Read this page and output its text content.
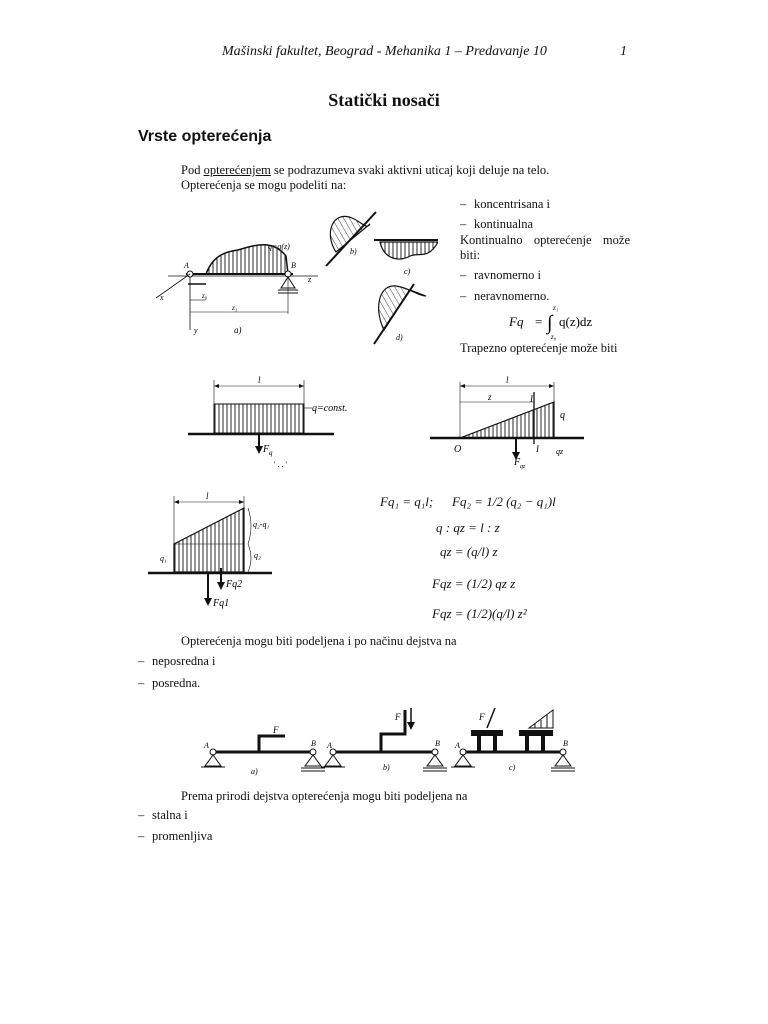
Mašinski fakultet, Beograd - Mehanika 1 – Predavanje 10	1
Statički nosači
Vrste opterećenja
Pod opterećenjem se podrazumeva svaki aktivni uticaj koji deluje na telo.
Opterećenja se mogu podeliti na:
– koncentrisana i
– kontinualna
Kontinualno opterećenje može
biti:
– ravnomerno i
– neravnomerno.
Trapezno opterećenje može biti
Fq = ∫
z₁
z₀
q(z)dz
q=q(z)
A
y
B
z
x	z₀
z₁
a)
b)
c)
d)
l
q=const.
F q
' . . '
l
z
q
O
I
I qz
F qz
l
q₁
q₂-q₁
q₂
Fq2
Fq1
Fq₁ = q₁l; Fq₂ = 1/2 (q₂ − q₁)l
q : qz = l : z
qz = (q/l) z
Fqz = (1/2) qz z
Fqz = (1/2)(q/l) z²
Opterećenja mogu biti podeljena i po načinu dejstva na
– neposredna i
– posredna.
A	B
F
a)
A	B
F
b)
A	B
F
c)
Prema prirodi dejstva opterećenja mogu biti podeljena na
– stalna i
– promenljiva
